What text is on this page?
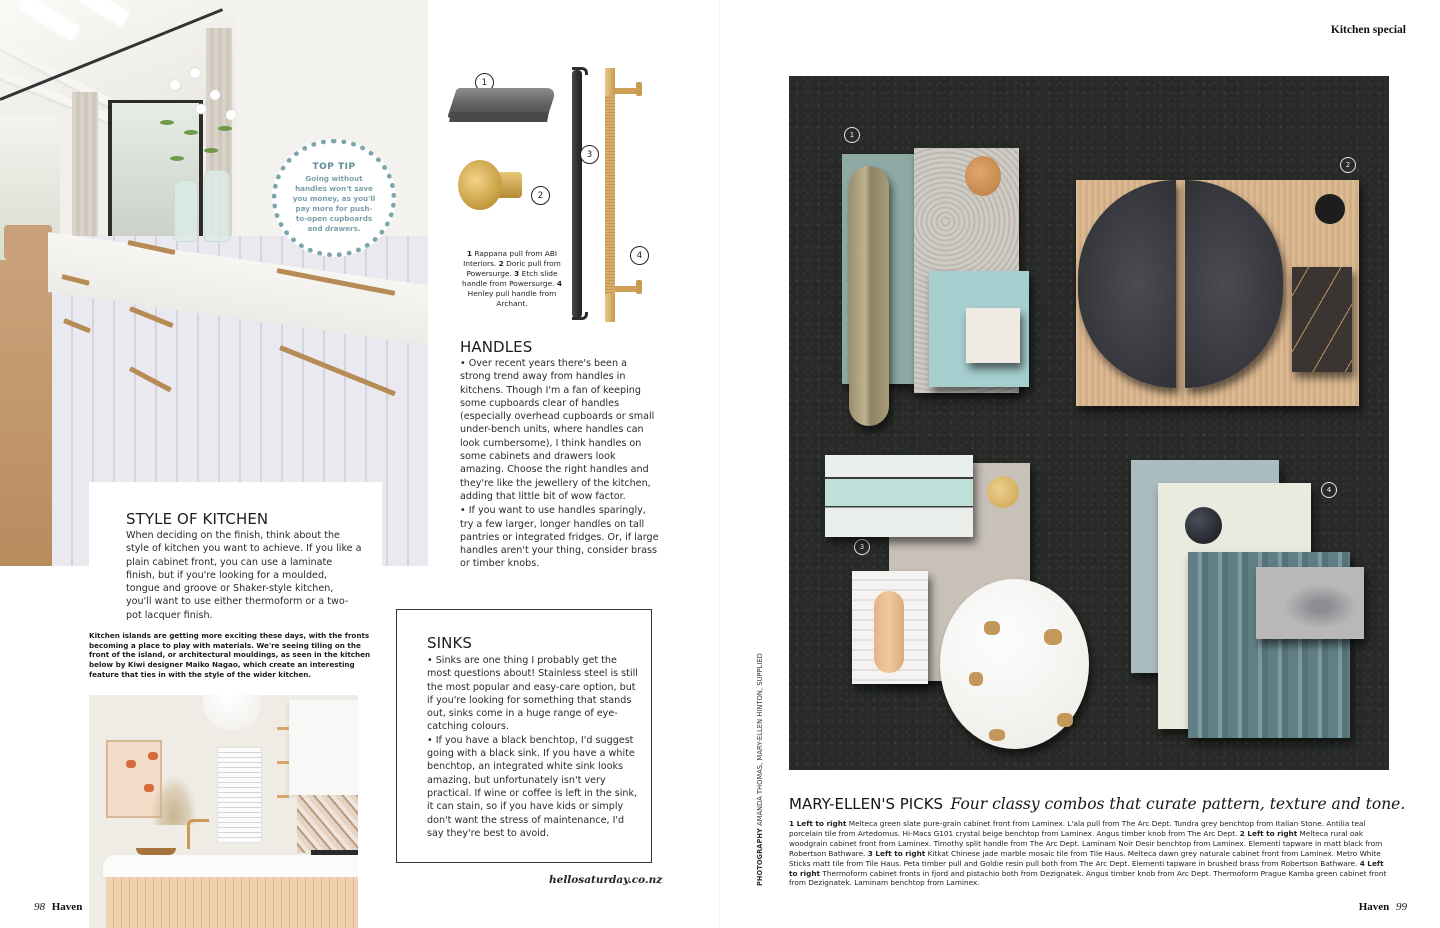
TOP TIP
Going without handles won't save you money, as you'll pay more for push-to-open cupboards and drawers.
STYLE OF KITCHEN
When deciding on the finish, think about the style of kitchen you want to achieve. If you like a plain cabinet front, you can use a laminate finish, but if you're looking for a moulded, tongue and groove or Shaker-style kitchen, you'll want to use either thermoform or a two-pot lacquer finish.
Kitchen islands are getting more exciting these days, with the fronts becoming a place to play with materials. We're seeing tiling on the front of the island, or architectural mouldings, as seen in the kitchen below by Kiwi designer Maiko Nagao, which create an interesting feature that ties in with the style of the wider kitchen.
1
2
3
4
1 Rappana pull from ABI Interiors. 2 Doric pull from Powersurge. 3 Etch slide handle from Powersurge. 4 Henley pull handle from Archant.
HANDLES
• Over recent years there's been a strong trend away from handles in kitchens. Though I'm a fan of keeping some cupboards clear of handles (especially overhead cupboards or small under-bench units, where handles can look cumbersome), I think handles on some cabinets and drawers look amazing. Choose the right handles and they're like the jewellery of the kitchen, adding that little bit of wow factor.
• If you want to use handles sparingly, try a few larger, longer handles on tall pantries or integrated fridges. Or, if large handles aren't your thing, consider brass or timber knobs.
SINKS
• Sinks are one thing I probably get the most questions about! Stainless steel is still the most popular and easy-care option, but if you're looking for something that stands out, sinks come in a huge range of eye-catching colours.
• If you have a black benchtop, I'd suggest going with a black sink. If you have a white benchtop, an integrated white sink looks amazing, but unfortunately isn't very practical. If wine or coffee is left in the sink, it can stain, so if you have kids or simply don't want the stress of maintenance, I'd say they're best to avoid.
hellosaturday.co.nz
98 Haven
Kitchen special
1
2
3
4
PHOTOGRAPHY AMANDA THOMAS, MARY-ELLEN HINTON, SUPPLIED MARY-ELLEN'S PICKS Four classy combos that curate pattern, texture and tone.
1 Left to right Melteca green slate pure-grain cabinet front from Laminex. L'ala pull from The Arc Dept. Tundra grey benchtop from Italian Stone. Antilia teal porcelain tile from Artedomus. Hi-Macs G101 crystal beige benchtop from Laminex. Angus timber knob from The Arc Dept. 2 Left to right Melteca rural oak woodgrain cabinet front from Laminex. Timothy split handle from The Arc Dept. Laminam Noir Desir benchtop from Laminex. Elementi tapware in matt black from Robertson Bathware. 3 Left to right Kitkat Chinese jade marble mosaic tile from Tile Haus. Melteca dawn grey naturale cabinet front from Laminex. Metro White Sticks matt tile from Tile Haus. Peta timber pull and Goldie resin pull both from The Arc Dept. Elementi tapware in brushed brass from Robertson Bathware. 4 Left to right Thermoform cabinet fronts in fjord and pistachio both from Dezignatek. Angus timber knob from Arc Dept. Thermoform Prague Kamba green cabinet front from Dezignatek. Laminam benchtop from Laminex.
Haven 99
